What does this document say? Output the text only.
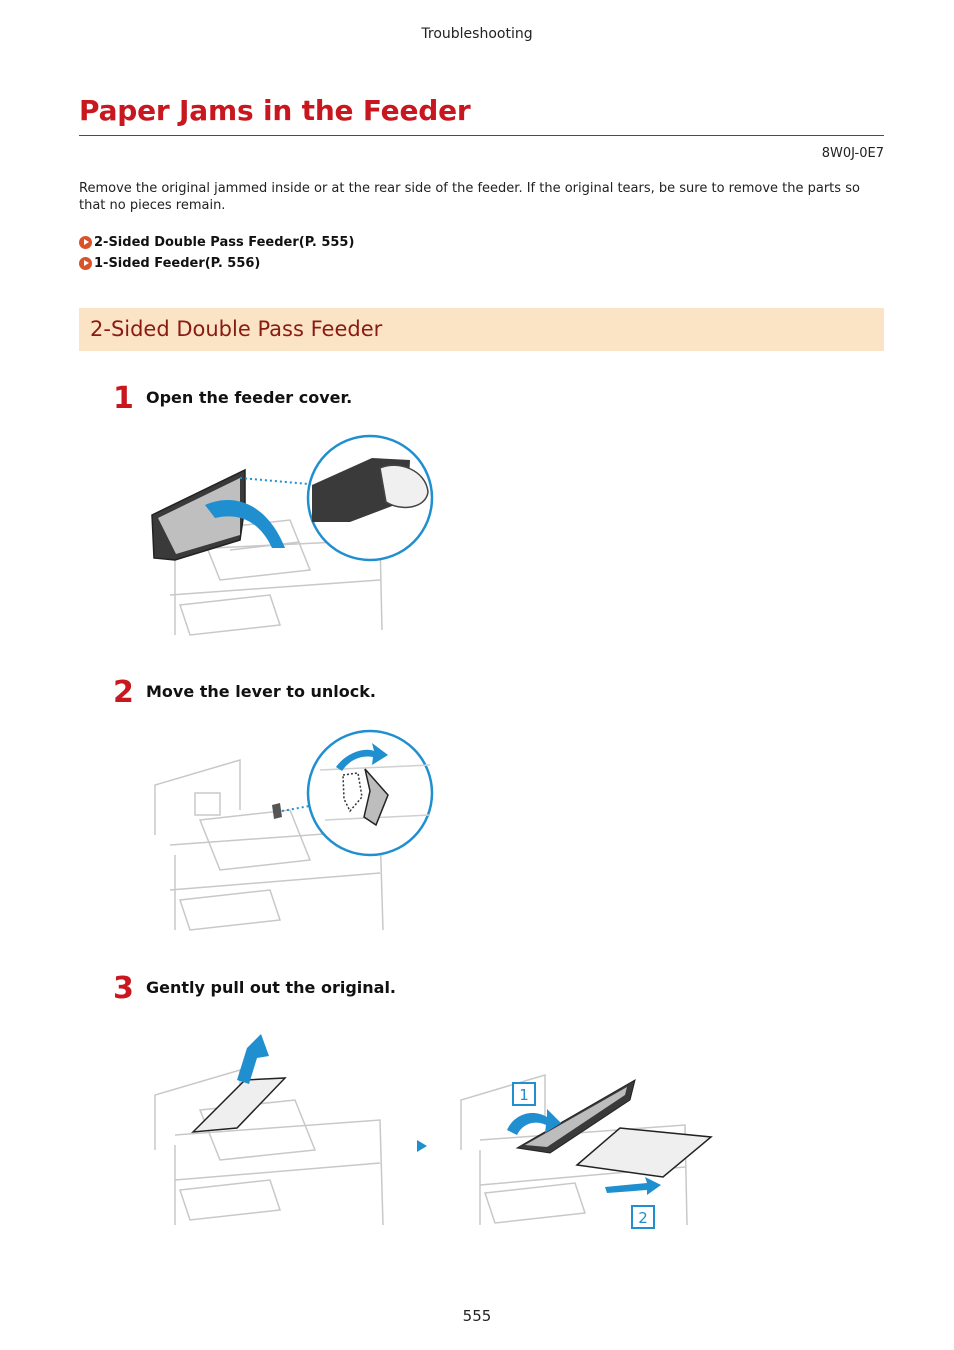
Troubleshooting
Paper Jams in the Feeder
8W0J-0E7
Remove the original jammed inside or at the rear side of the feeder. If the original tears, be sure to remove the parts so that no pieces remain.
2-Sided Double Pass Feeder(P. 555)
1-Sided Feeder(P. 556)
2-Sided Double Pass Feeder
1 Open the feeder cover.
2 Move the lever to unlock.
3 Gently pull out the original.
1
2
555
